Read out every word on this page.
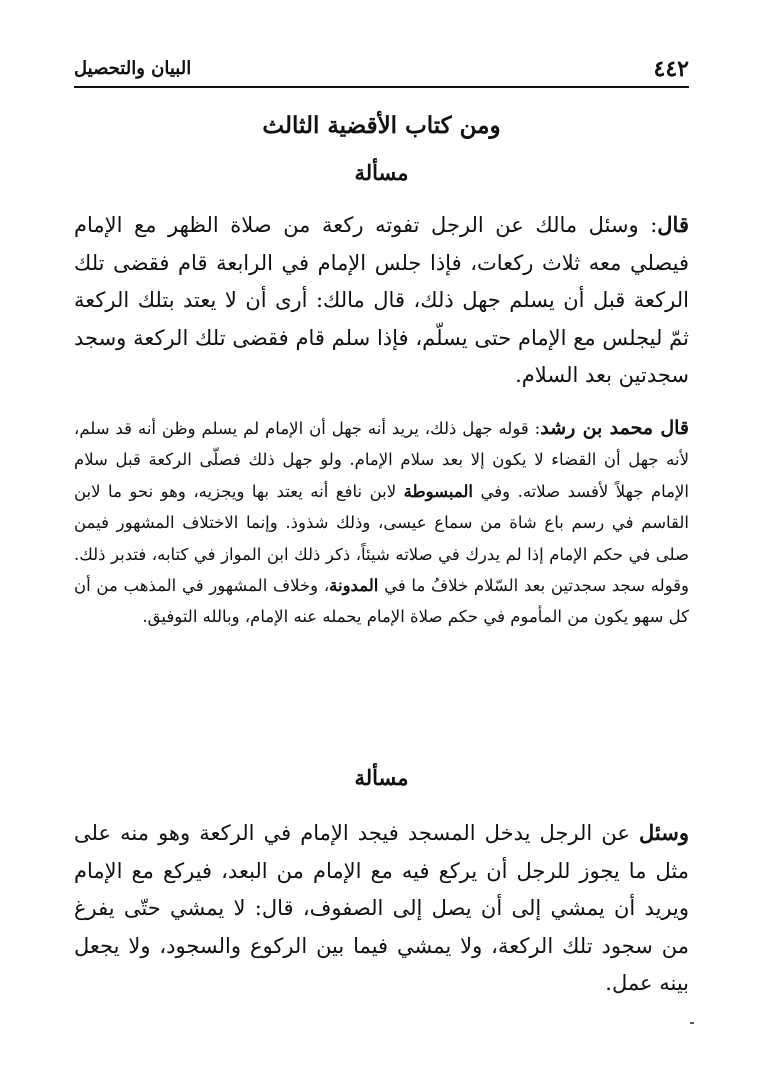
٤٤٢
البيان والتحصيل
ومن كتاب الأقضية الثالث
مسألة

قال: وسئل مالك عن الرجل تفوته ركعة من صلاة الظهر مع الإمام فيصلي معه ثلاث ركعات، فإذا جلس الإمام في الرابعة قام فقضى تلك الركعة قبل أن يسلم جهل ذلك، قال مالك: أرى أن لا يعتد بتلك الركعة ثمّ ليجلس مع الإمام حتى يسلّم، فإذا سلم قام فقضى تلك الركعة وسجد سجدتين بعد السلام.

قال محمد بن رشد: قوله جهل ذلك، يريد أنه جهل أن الإمام لم يسلم وظن أنه قد سلم، لأنه جهل أن القضاء لا يكون إلا بعد سلام الإمام. ولو جهل ذلك فصلّى الركعة قبل سلام الإمام جهلاً لأفسد صلاته. وفي المبسوطة لابن نافع أنه يعتد بها ويجزيه، وهو نحو ما لابن القاسم في رسم باع شاة من سماع عيسى، وذلك شذوذ. وإنما الاختلاف المشهور فيمن صلى في حكم الإمام إذا لم يدرك في صلاته شيئاً، ذكر ذلك ابن المواز في كتابه، فتدبر ذلك. وقوله سجد سجدتين بعد السّلام خلافُ ما في المدونة، وخلاف المشهور في المذهب من أن كل سهو يكون من المأموم في حكم صلاة الإمام يحمله عنه الإمام، وبالله التوفيق.

مسألة

وسئل عن الرجل يدخل المسجد فيجد الإمام في الركعة وهو منه على مثل ما يجوز للرجل أن يركع فيه مع الإمام من البعد، فيركع مع الإمام ويريد أن يمشي إلى أن يصل إلى الصفوف، قال: لا يمشي حتّى يفرغ من سجود تلك الركعة، ولا يمشي فيما بين الركوع والسجود، ولا يجعل بينه عمل.
